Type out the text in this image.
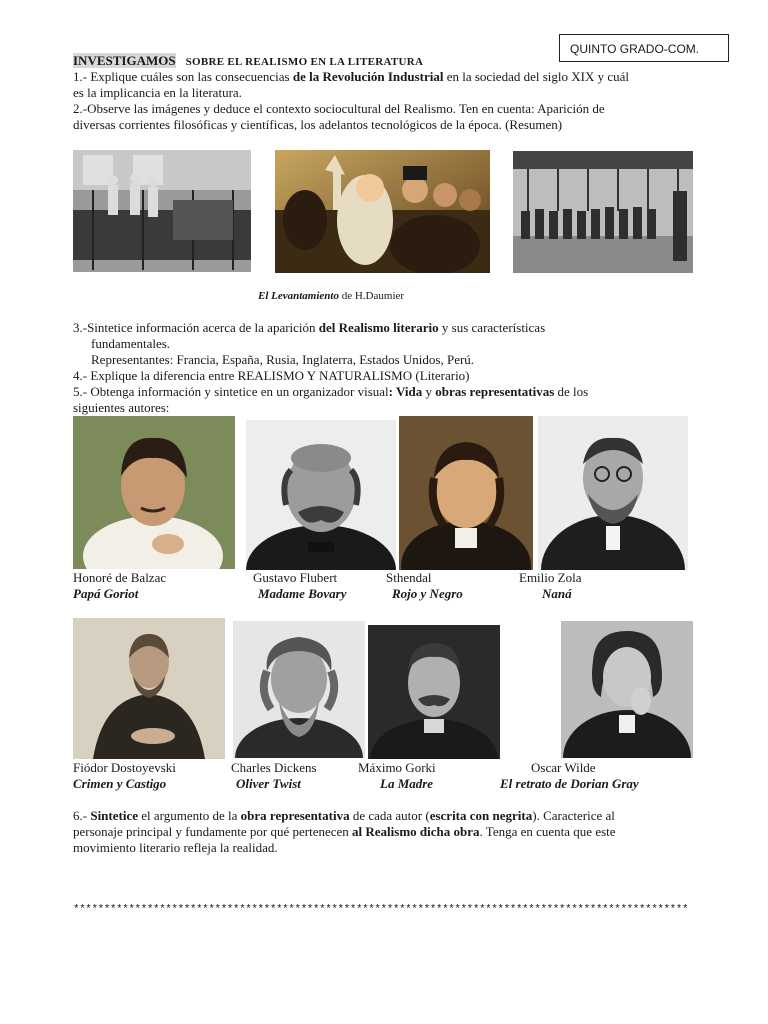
QUINTO GRADO-COM.
INVESTIGAMOS SOBRE EL REALISMO EN LA LITERATURA
1.- Explique cuáles son las consecuencias de la Revolución Industrial en la sociedad del siglo XIX y cuál
es la implicancia en la literatura.
2.-Observe las imágenes y deduce el contexto sociocultural del Realismo. Ten en cuenta: Aparición de
diversas corrientes filosóficas y científicas, los adelantos tecnológicos de la época. (Resumen)
El Levantamiento de H.Daumier
3.-Sintetice información acerca de la aparición del Realismo literario y sus características
fundamentales.
Representantes: Francia, España, Rusia, Inglaterra, Estados Unidos, Perú.
4.- Explique la diferencia entre REALISMO Y NATURALISMO (Literario)
5.- Obtenga información y sintetice en un organizador visual: Vida y obras representativas de los
siguientes autores:
Honoré de Balzac	Gustavo Flubert	Sthendal	Emilio Zola
Papá Goriot	Madame Bovary	Rojo y Negro	Naná
Fiódor Dostoyevski	Charles Dickens	Máximo Gorki	Oscar Wilde
Crimen y Castigo	Oliver Twist	La Madre	El retrato de Dorian Gray
6.- Sintetice el argumento de la obra representativa de cada autor (escrita con negrita). Caracterice al
personaje principal y fundamente por qué pertenecen al Realismo dicha obra. Tenga en cuenta que este
movimiento literario refleja la realidad.
****************************************************************************************************
